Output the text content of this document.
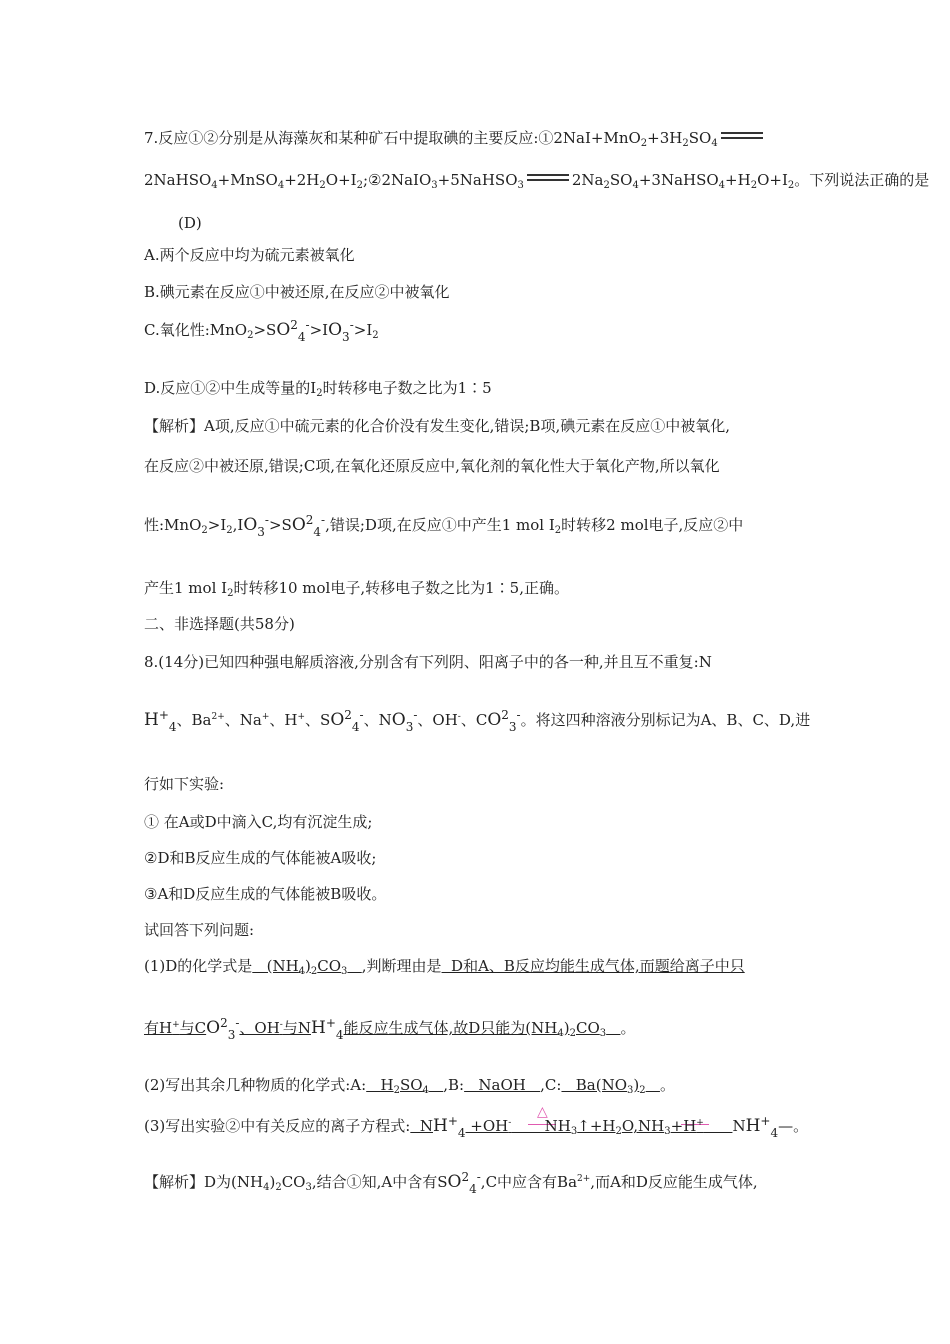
7.反应①②分别是从海藻灰和某种矿石中提取碘的主要反应$:①2NaI+MnO_2+3H_2SO_4$
$2NaHSO_4+MnSO_4+2H_2O+I_2;②2NaIO_3+5NaHSO_3$	$2Na_2SO_4+3NaHSO_4+H_2O+I_2$。下列说法正确的是
(D)
A.两个反应中均为硫元素被氧化
B.碘元素在反应①中被还原,在反应②中被氧化
C.氧化性$:MnO_2>SO24->IO3->I_2$
D.反应①②中生成等量的$I_2$时转移电子数之比为1∶5
【解析】A项,反应①中硫元素的化合价没有发生变化,错误;B项,碘元素在反应①中被氧化,
在反应②中被还原,错误;C项,在氧化还原反应中,氧化剂的氧化性大于氧化产物,所以氧化
性$:MnO_2>I_2,IO3->SO24-$,错误;D项,在反应①中产生1 mol $I_2$时转移2 mol电子,反应②中
产生1 mol $I_2$时转移10 mol电子,转移电子数之比为1∶5,正确。
二、非选择题(共58分)
8.(14分)已知四种强电解质溶液,分别含有下列阴、阳离子中的各一种,并且互不重复:N
H+4、$Ba^{2+}$、Na+、H+、SO24-、NO3-、OH-、CO23-。将这四种溶液分别标记为A、B、C、D,进
行如下实验:
① 在A或D中滴入C,均有沉淀生成;
②D和B反应生成的气体能被A吸收;
③A和D反应生成的气体能被B吸收。
试回答下列问题:
(1)D的化学式是   $(NH_4)_2CO_3$ ,判断理由是  D和A、B反应均能生成气体,而题给离子中只
有H+与CO23-、OH-与NH+4能反应生成气体,故D只能为$(NH_4)_2CO_3$ 。
(2)写出其余几种物质的化学式:A:   $H_2SO_4$ ,B:   NaOH   ,C:   $Ba(NO_3)_2$ 。
△
(3)写出实验②中有关反应的离子方程式:  NH+4 +OH-       $NH_3↑+H_2O,NH_3+H^+$ NH+4—。
【解析】D为$(NH_4)_2CO_3$,结合①知,A中含有SO24-,C中应含有$Ba^{2+}$,而A和D反应能生成气体,
